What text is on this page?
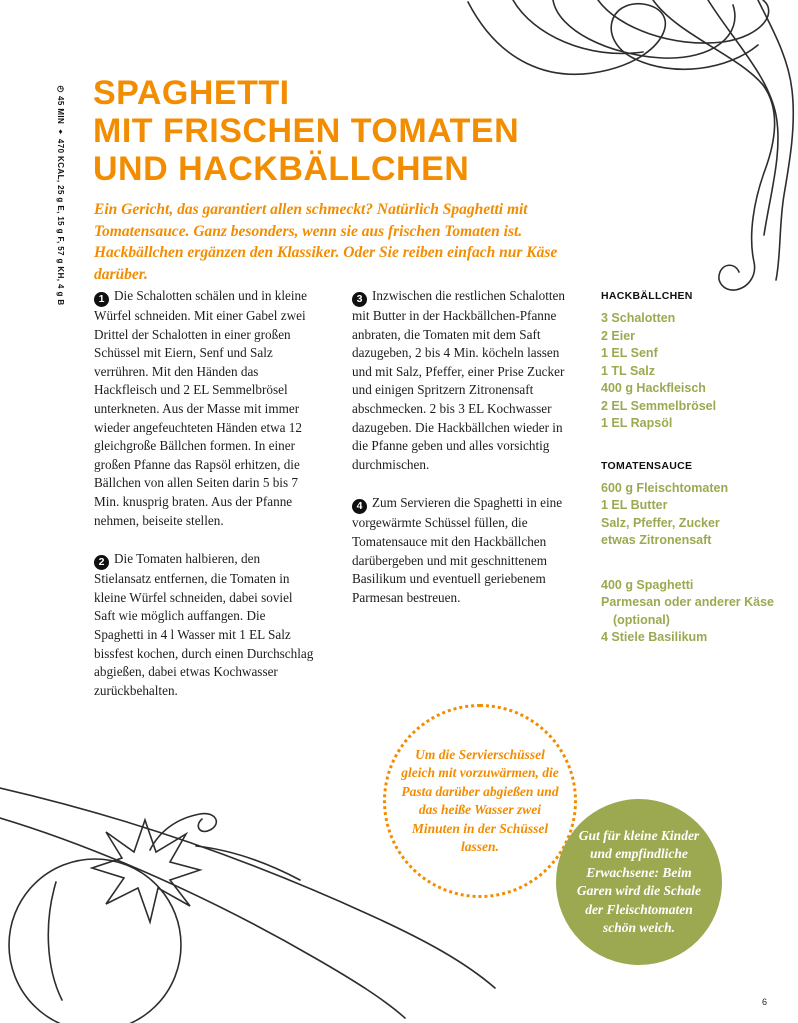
◷ 45 MIN ♦ 470 KCAL, 25 g E, 15 g F, 57 g KH, 4 g B
SPAGHETTI
MIT FRISCHEN TOMATEN
UND HACKBÄLLCHEN

Ein Gericht, das garantiert allen schmeckt? Natürlich Spaghetti mit Tomatensauce. Ganz besonders, wenn sie aus frischen Tomaten ist. Hackbällchen ergänzen den Klassiker. Oder Sie reiben einfach nur Käse darüber.

1 Die Schalotten schälen und in kleine Würfel schneiden. Mit einer Gabel zwei Drittel der Schalotten in einer großen Schüssel mit Eiern, Senf und Salz verrühren. Mit den Händen das Hackfleisch und 2 EL Semmelbrösel unterkneten. Aus der Masse mit immer wieder angefeuchteten Händen etwa 12 gleichgroße Bällchen formen. In einer großen Pfanne das Rapsöl erhitzen, die Bällchen von allen Seiten darin 5 bis 7 Min. knusprig braten. Aus der Pfanne nehmen, beiseite stellen.

2 Die Tomaten halbieren, den Stielansatz entfernen, die Tomaten in kleine Würfel schneiden, dabei soviel Saft wie möglich auffangen. Die Spaghetti in 4 l Wasser mit 1 EL Salz bissfest kochen, durch einen Durchschlag abgießen, dabei etwas Kochwasser zurückbehalten.

3 Inzwischen die restlichen Schalotten mit Butter in der Hackbällchen-Pfanne anbraten, die Tomaten mit dem Saft dazugeben, 2 bis 4 Min. köcheln lassen und mit Salz, Pfeffer, einer Prise Zucker und einigen Spritzern Zitronensaft abschmecken. 2 bis 3 EL Kochwasser dazugeben. Die Hackbällchen wieder in die Pfanne geben und alles vorsichtig durchmischen.

4 Zum Servieren die Spaghetti in eine vorgewärmte Schüssel füllen, die Tomatensauce mit den Hackbällchen darübergeben und mit geschnittenem Basilikum und eventuell geriebenem Parmesan bestreuen.

HACKBÄLLCHEN
3 Schalotten
2 Eier
1 EL Senf
1 TL Salz
400 g Hackfleisch
2 EL Semmelbrösel
1 EL Rapsöl
TOMATENSAUCE
600 g Fleischtomaten
1 EL Butter
Salz, Pfeffer, Zucker
etwas Zitronensaft
400 g Spaghetti
Parmesan oder anderer Käse (optional)
4 Stiele Basilikum

Um die Servierschüssel gleich mit vorzuwärmen, die Pasta darüber abgießen und das heiße Wasser zwei Minuten in der Schüssel lassen.

Gut für kleine Kinder und empfindliche Erwachsene: Beim Garen wird die Schale der Fleischtomaten schön weich.

6
